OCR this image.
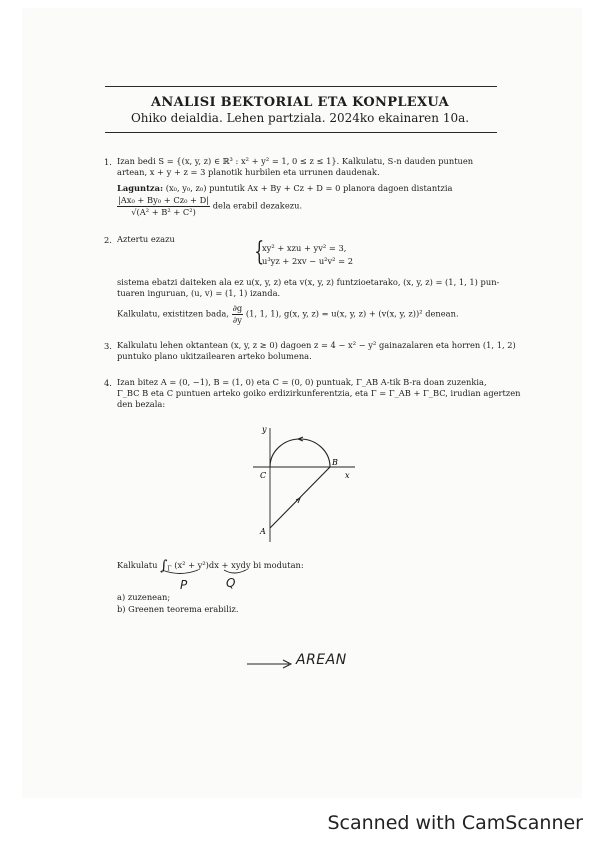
ANALISI BEKTORIAL ETA KONPLEXUA
Ohiko deialdia. Lehen partziala. 2024ko ekainaren 10a.
1. Izan bedi S = {(x, y, z) ∈ ℝ³ : x² + y² = 1, 0 ≤ z ≤ 1}. Kalkulatu, S-n dauden puntuen
artean, x + y + z = 3 planotik hurbilen eta urrunen daudenak.
Laguntza: (x₀, y₀, z₀) puntutik Ax + By + Cz + D = 0 planora dagoen distantzia
$\frac{\text{|Ax₀ + By₀ + Cz₀ + D|}}{\text{√(A² + B² + C²)}}$ dela erabil dezakezu.
2. Aztertu ezazu	{
xy² + xzu + yv² = 3,
u³yz + 2xv − u²v² = 2
sistema ebatzi daiteken ala ez u(x, y, z) eta v(x, y, z) funtzioetarako, (x, y, z) = (1, 1, 1) pun-
tuaren inguruan, (u, v) = (1, 1) izanda.
Kalkulatu, existitzen bada, $\frac{\partial g}{\partial y} (1$, 1, 1), g(x, y, z) = u(x, y, z) + (v(x, y, z))² denean.
3. Kalkulatu lehen oktantean (x, y, z ≥ 0) dagoen z = 4 − x² − y² gainazalaren eta horren (1, 1, 2)
puntuko plano ukitzailearen arteko bolumena.
4. Izan bitez A = (0, −1), B = (1, 0) eta C = (0, 0) puntuak, Γ_AB A-tik B-ra doan zuzenkia,
Γ_BC B eta C puntuen arteko goiko erdizirkunferentzia, eta Γ = Γ_AB + Γ_BC, irudian agertzen
den bezala:
y
x
C
B
A
Kalkulatu $\int_\Gamma$ (x² + y²)dx + xydy bi modutan:
P	Q
a) zuzenean;
b) Greenen teorema erabiliz.
AREAN
Scanned with CamScanner
